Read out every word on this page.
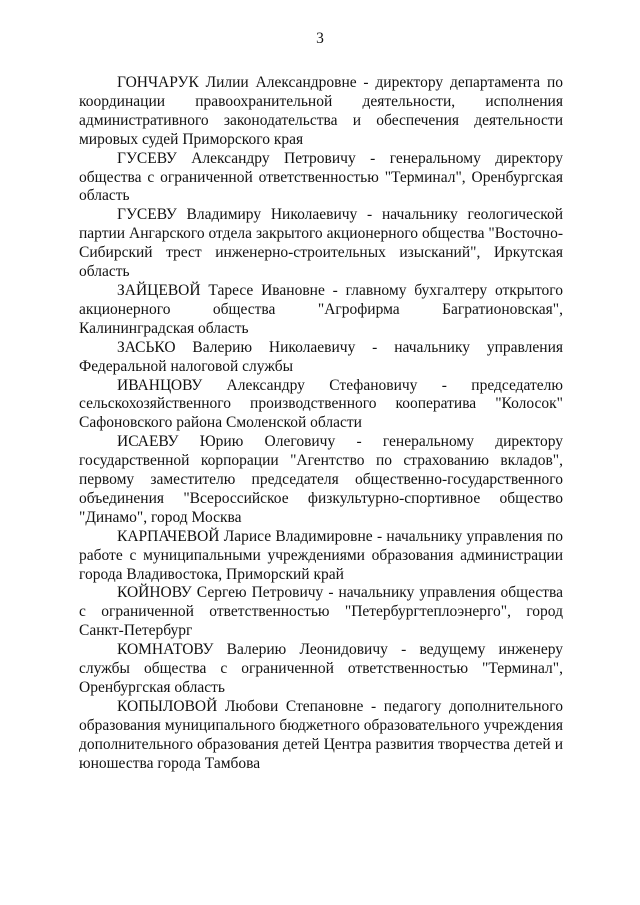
3

ГОНЧАРУК Лилии Александровне - директору департамента по координации правоохранительной деятельности, исполнения административного законодательства и обеспечения деятельности мировых судей Приморского края

ГУСЕВУ Александру Петровичу - генеральному директору общества с ограниченной ответственностью "Терминал", Оренбургская область

ГУСЕВУ Владимиру Николаевичу - начальнику геологической партии Ангарского отдела закрытого акционерного общества "Восточно-Сибирский трест инженерно-строительных изысканий", Иркутская область

ЗАЙЦЕВОЙ Таресе Ивановне - главному бухгалтеру открытого акционерного общества "Агрофирма Багратионовская", Калининградская область

ЗАСЬКО Валерию Николаевичу - начальнику управления Федеральной налоговой службы

ИВАНЦОВУ Александру Стефановичу - председателю сельскохозяйственного производственного кооператива "Колосок" Сафоновского района Смоленской области

ИСАЕВУ Юрию Олеговичу - генеральному директору государственной корпорации "Агентство по страхованию вкладов", первому заместителю председателя общественно-государственного объединения "Всероссийское физкультурно-спортивное общество "Динамо", город Москва

КАРПАЧЕВОЙ Ларисе Владимировне - начальнику управления по работе с муниципальными учреждениями образования администрации города Владивостока, Приморский край

КОЙНОВУ Сергею Петровичу - начальнику управления общества с ограниченной ответственностью "Петербургтеплоэнерго", город Санкт-Петербург

КОМНАТОВУ Валерию Леонидовичу - ведущему инженеру службы общества с ограниченной ответственностью "Терминал", Оренбургская область

КОПЫЛОВОЙ Любови Степановне - педагогу дополнительного образования муниципального бюджетного образовательного учреждения дополнительного образования детей Центра развития творчества детей и юношества города Тамбова
